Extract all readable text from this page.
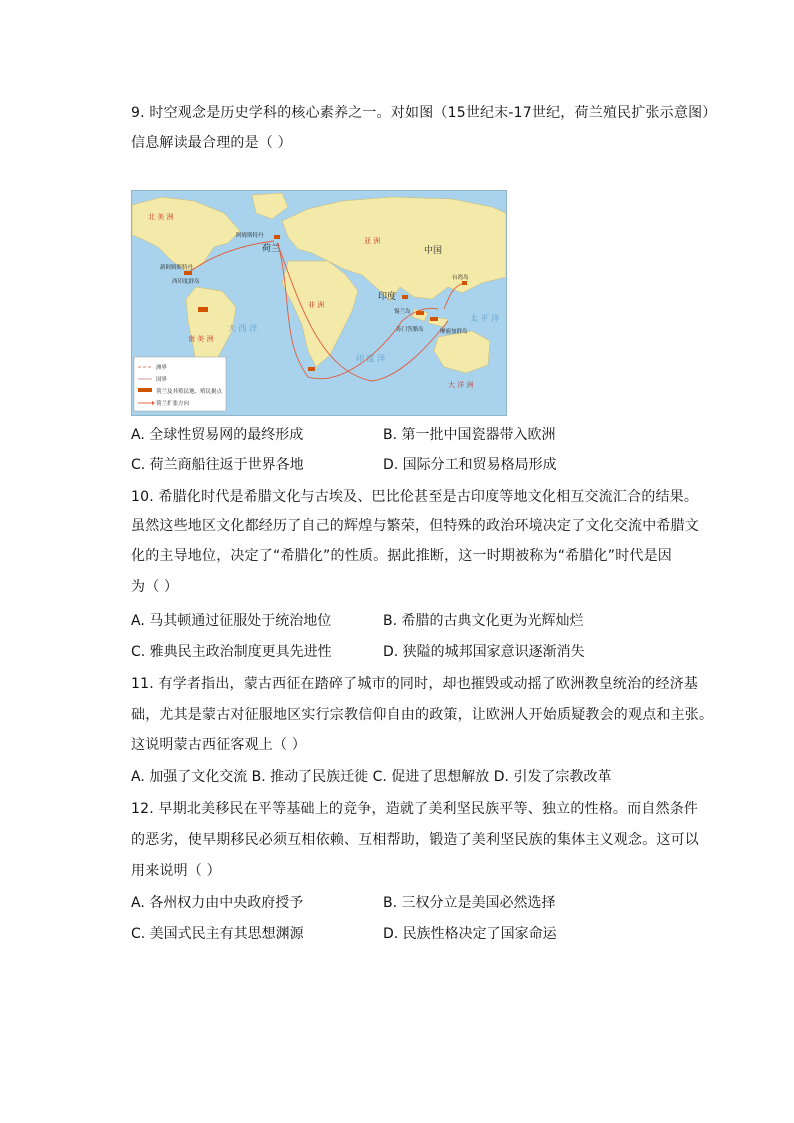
9. 时空观念是历史学科的核心素养之一。对如图（15世纪末-17世纪，荷兰殖民扩张示意图）
信息解读最合理的是（ ）
北 美 洲
南 美 洲
荷兰
阿姆斯特丹
新阿姆斯特丹
西印度群岛
非 洲
亚 洲
中国
印度
台湾岛
锡兰岛
苏门答腊岛	摩鹿加群岛
大 西 洋
印 度 洋
太 平 洋
大 洋 洲
洲界
国界
荷兰及其殖民地、殖民据点
荷兰扩张方向
A. 全球性贸易网的最终形成	B. 第一批中国瓷器带入欧洲
C. 荷兰商船往返于世界各地	D. 国际分工和贸易格局形成
10. 希腊化时代是希腊文化与古埃及、巴比伦甚至是古印度等地文化相互交流汇合的结果。
虽然这些地区文化都经历了自己的辉煌与繁荣，但特殊的政治环境决定了文化交流中希腊文
化的主导地位，决定了“希腊化”的性质。据此推断，这一时期被称为“希腊化”时代是因
为（ ）
A. 马其顿通过征服处于统治地位	B. 希腊的古典文化更为光辉灿烂
C. 雅典民主政治制度更具先进性	D. 狭隘的城邦国家意识逐渐消失
11. 有学者指出，蒙古西征在踏碎了城市的同时，却也摧毁或动摇了欧洲教皇统治的经济基
础，尤其是蒙古对征服地区实行宗教信仰自由的政策，让欧洲人开始质疑教会的观点和主张。
这说明蒙古西征客观上（ ）
A. 加强了文化交流 B. 推动了民族迁徙 C. 促进了思想解放 D. 引发了宗教改革
12. 早期北美移民在平等基础上的竞争，造就了美利坚民族平等、独立的性格。而自然条件
的恶劣，使早期移民必须互相依赖、互相帮助，锻造了美利坚民族的集体主义观念。这可以
用来说明（ ）
A. 各州权力由中央政府授予	B. 三权分立是美国必然选择
C. 美国式民主有其思想渊源	D. 民族性格决定了国家命运
